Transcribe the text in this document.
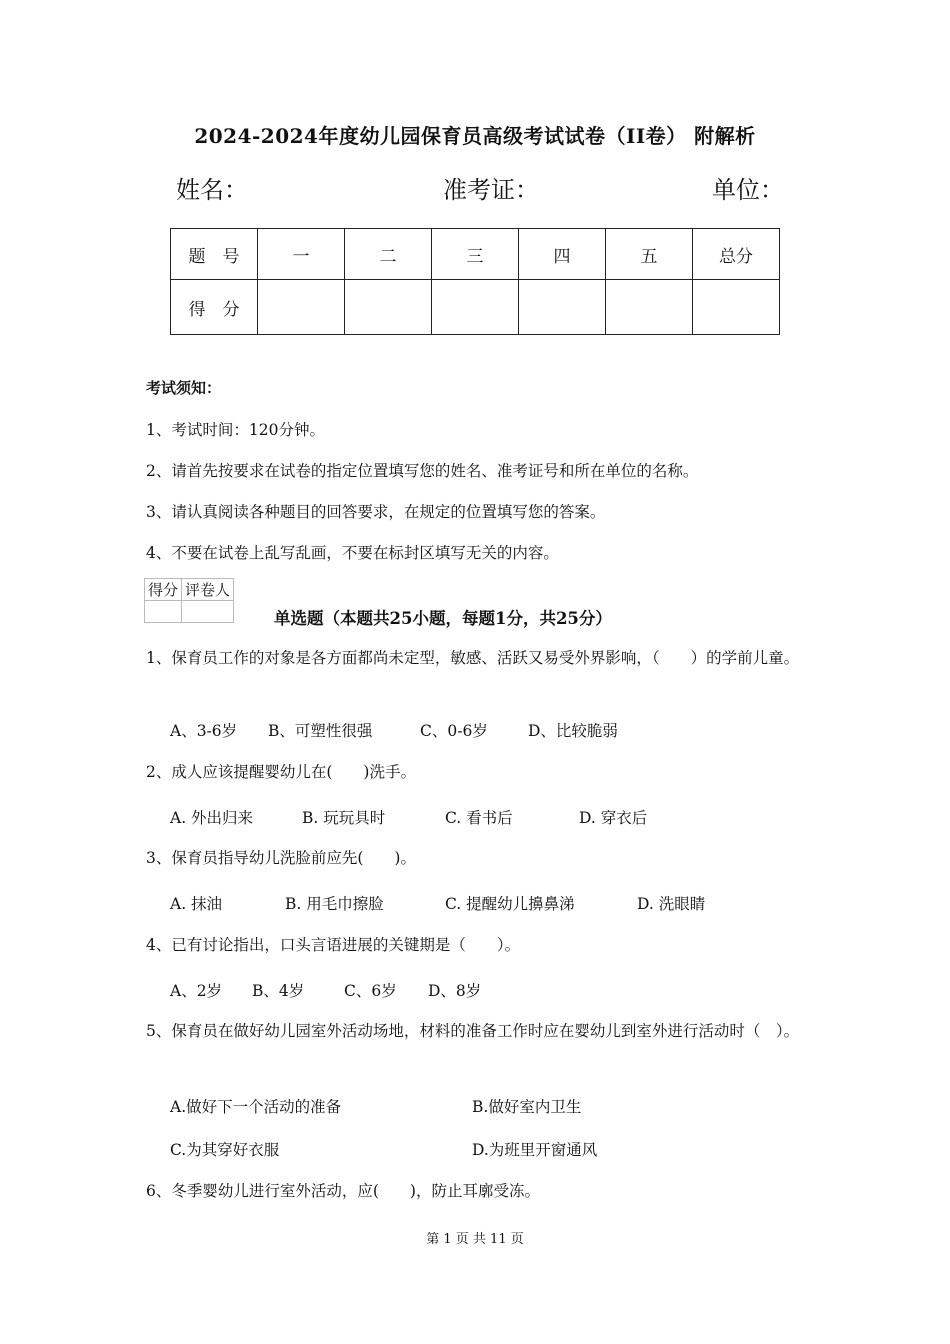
2024-2024年度幼儿园保育员高级考试试卷（II卷） 附解析
姓名：	准考证：	单位：
题　号	一	二	三	四	五	总分
得　分						
考试须知：
1、考试时间：120分钟。
2、请首先按要求在试卷的指定位置填写您的姓名、准考证号和所在单位的名称。
3、请认真阅读各种题目的回答要求，在规定的位置填写您的答案。
4、不要在试卷上乱写乱画，不要在标封区填写无关的内容。
得分	评卷人

单选题（本题共25小题，每题1分，共25分）
1、保育员工作的对象是各方面都尚未定型，敏感、活跃又易受外界影响，（　　）的学前儿童。
A、3-6岁 B、可塑性很强	C、0-6岁	D、比较脆弱
2、成人应该提醒婴幼儿在(　　)洗手。
A. 外出归来	B. 玩玩具时	C. 看书后	D. 穿衣后
3、保育员指导幼儿洗脸前应先(　　)。
A. 抹油	B. 用毛巾擦脸	C. 提醒幼儿擤鼻涕	D. 洗眼睛
4、已有讨论指出，口头言语进展的关键期是（　　）。
A、2岁 B、4岁	C、6岁 D、8岁
5、保育员在做好幼儿园室外活动场地，材料的准备工作时应在婴幼儿到室外进行活动时（　）。
A.做好下一个活动的准备	B.做好室内卫生
C.为其穿好衣服	D.为班里开窗通风
6、冬季婴幼儿进行室外活动，应(　　)，防止耳廓受冻。
第 1 页 共 11 页
